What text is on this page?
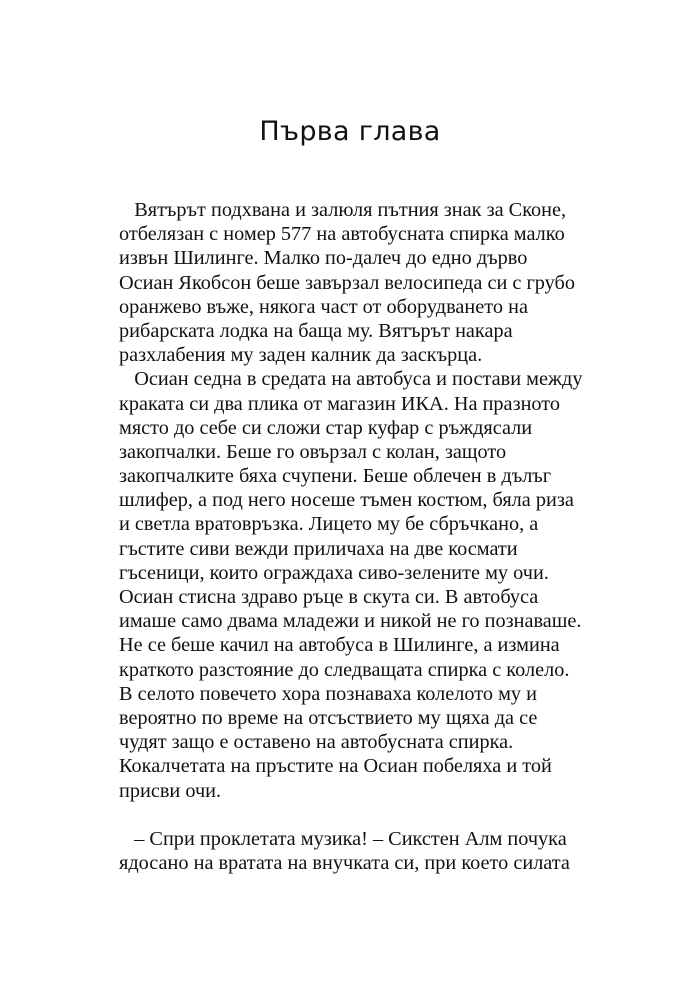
Първа глава
Вятърът подхвана и залюля пътния знак за Сконе,
отбелязан с номер 577 на автобусната спирка малко
извън Шилинге. Малко по-далеч до едно дърво
Осиан Якобсон беше завързал велосипеда си с грубо
оранжево въже, някога част от оборудването на
рибарската лодка на баща му. Вятърът накара
разхлабения му заден калник да заскърца.
Осиан седна в средата на автобуса и постави между
краката си два плика от магазин ИКА. На празното
място до себе си сложи стар куфар с ръждясали
закопчалки. Беше го овързал с колан, защото
закопчалките бяха счупени. Беше облечен в дълъг
шлифер, а под него носеше тъмен костюм, бяла риза
и светла вратовръзка. Лицето му бе сбръчкано, а
гъстите сиви вежди приличаха на две космати
гъсеници, които ограждаха сиво-зелените му очи.
Осиан стисна здраво ръце в скута си. В автобуса
имаше само двама младежи и никой не го познаваше.
Не се беше качил на автобуса в Шилинге, а измина
краткото разстояние до следващата спирка с колело.
В селото повечето хора познаваха колелото му и
вероятно по време на отсъствието му щяха да се
чудят защо е оставено на автобусната спирка.
Кокалчетата на пръстите на Осиан побеляха и той
присви очи.
– Спри проклетата музика! – Сикстен Алм почука
ядосано на вратата на внучката си, при което силата
